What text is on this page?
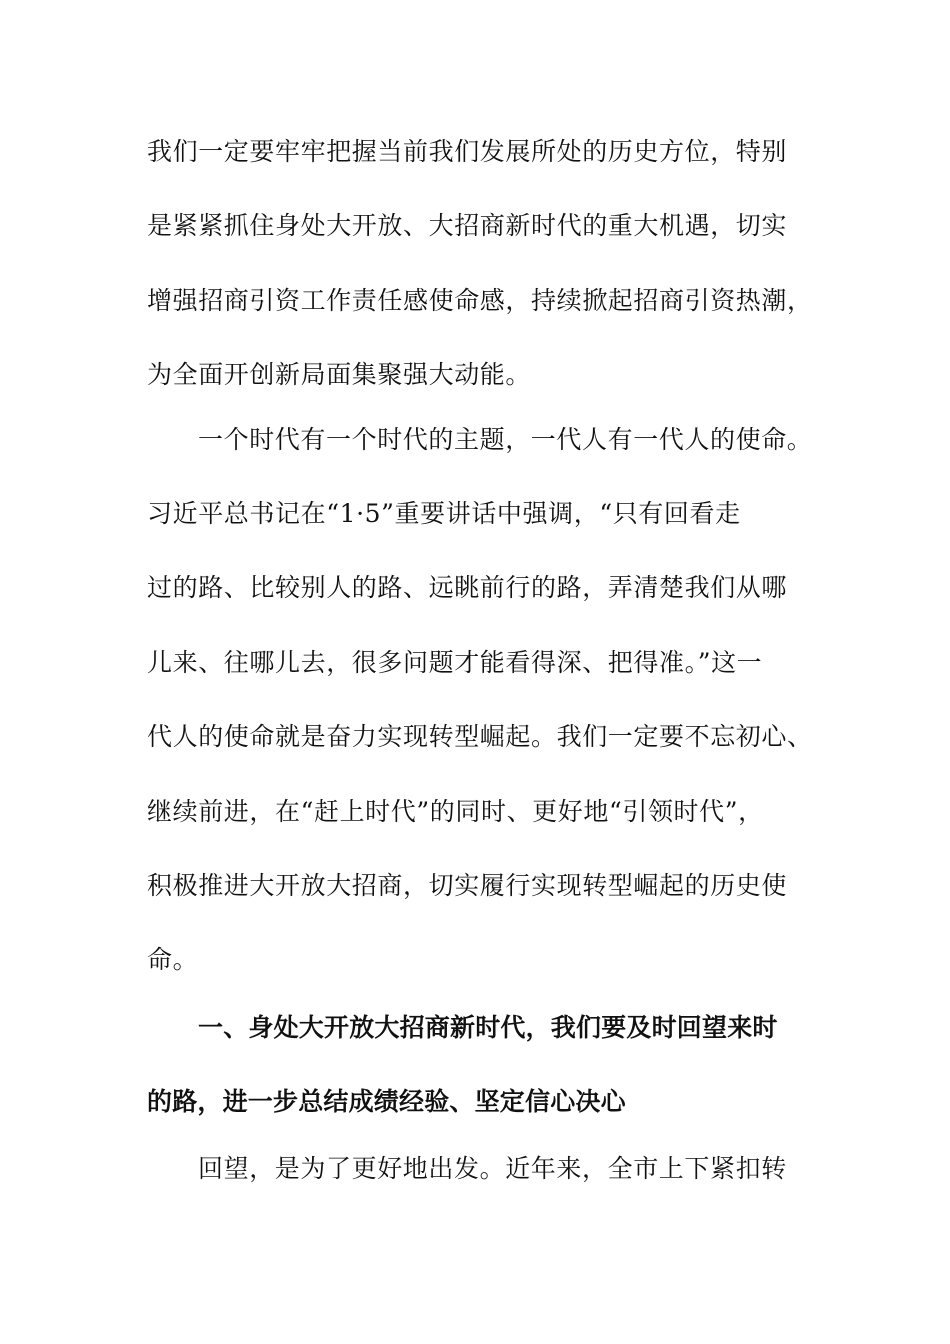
我们一定要牢牢把握当前我们发展所处的历史方位，特别
是紧紧抓住身处大开放、大招商新时代的重大机遇，切实
增强招商引资工作责任感使命感，持续掀起招商引资热潮，
为全面开创新局面集聚强大动能。
一个时代有一个时代的主题，一代人有一代人的使命。
习近平总书记在“1·5”重要讲话中强调，“只有回看走
过的路、比较别人的路、远眺前行的路，弄清楚我们从哪
儿来、往哪儿去，很多问题才能看得深、把得准。”这一
代人的使命就是奋力实现转型崛起。我们一定要不忘初心、
继续前进，在“赶上时代”的同时、更好地“引领时代”，
积极推进大开放大招商，切实履行实现转型崛起的历史使
命。
一、身处大开放大招商新时代，我们要及时回望来时
的路，进一步总结成绩经验、坚定信心决心
回望，是为了更好地出发。近年来，全市上下紧扣转
